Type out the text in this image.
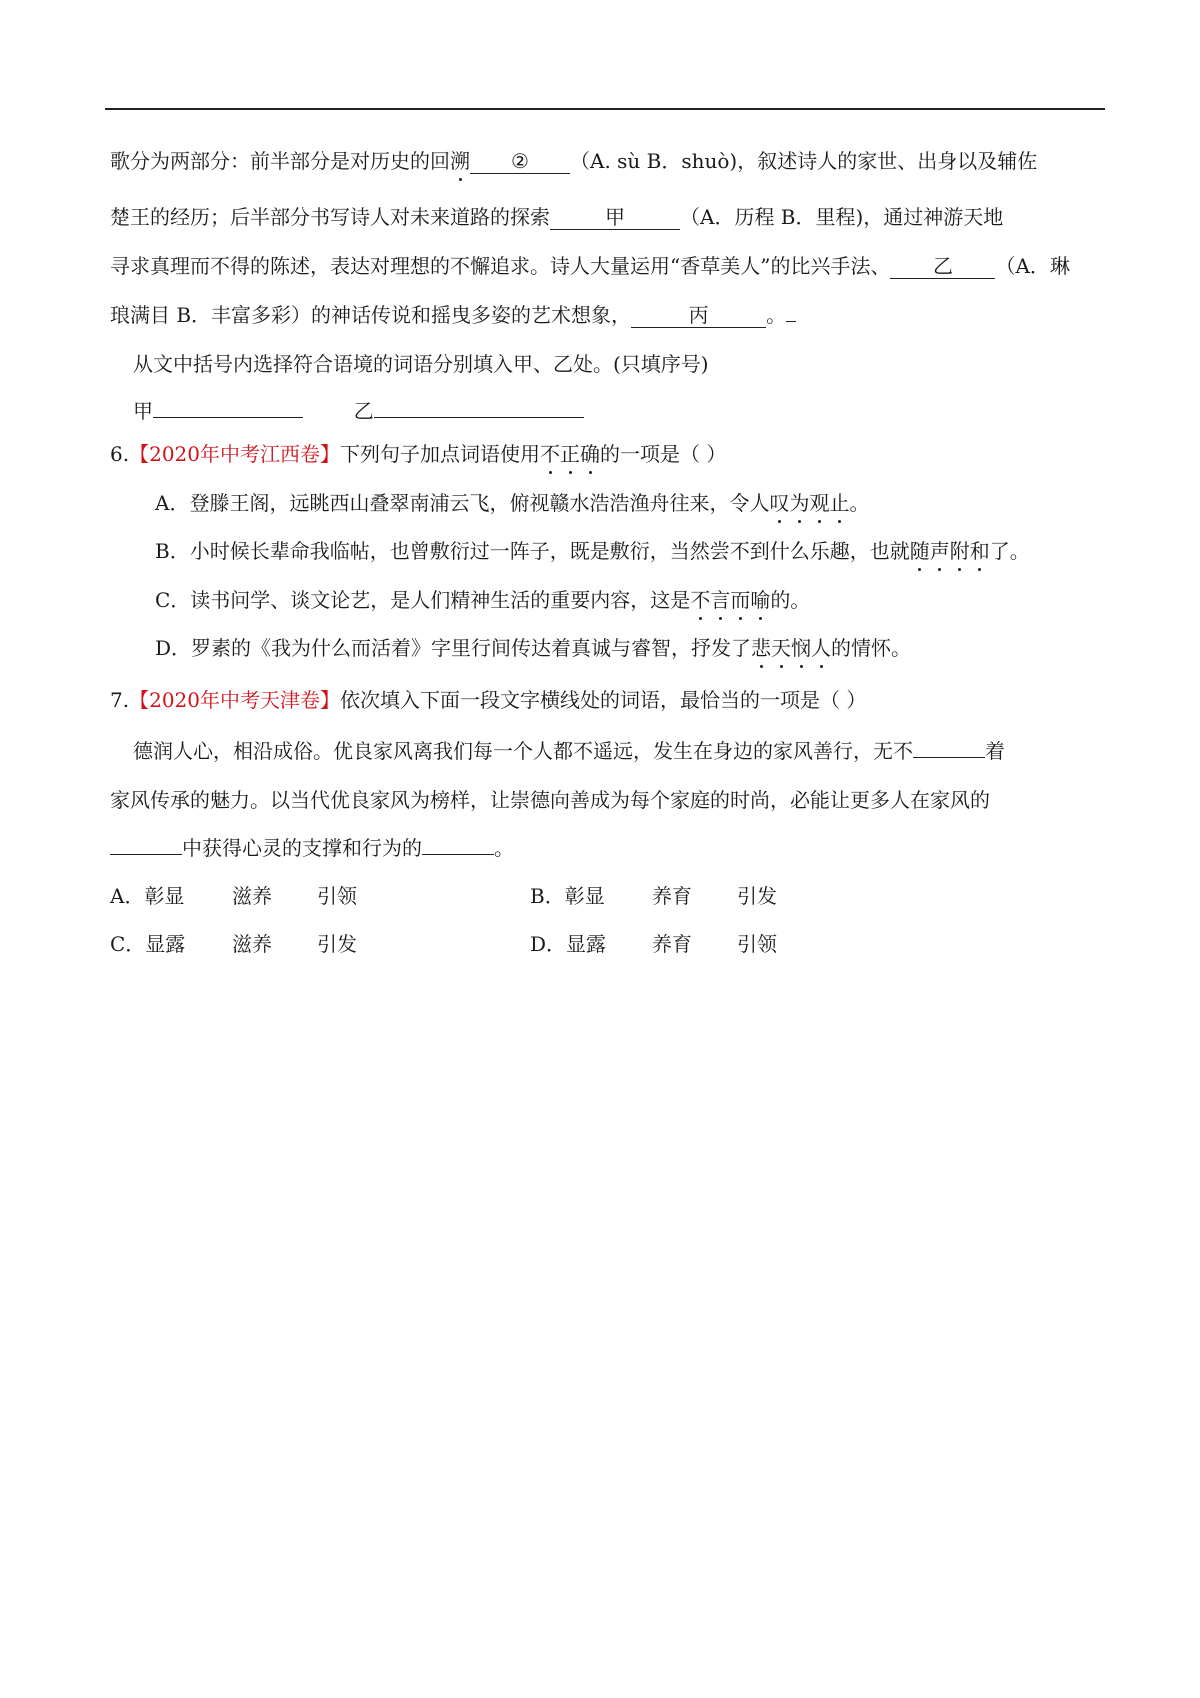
歌分为两部分：前半部分是对历史的回溯 ② （A. sù B．shuò)，叙述诗人的家世、出身以及辅佐
楚王的经历；后半部分书写诗人对未来道路的探索	甲	（A．历程 B．里程)，通过神游天地
寻求真理而不得的陈述，表达对理想的不懈追求。诗人大量运用“香草美人”的比兴手法、 乙 （A．琳
琅满目 B．丰富多彩）的神话传说和摇曳多姿的艺术想象，	丙	。
从文中括号内选择符合语境的词语分别填入甲、乙处。(只填序号)
甲	乙
6.【2020年中考江西卷】下列句子加点词语使用不正确的一项是（ ）
A．登滕王阁，远眺西山叠翠南浦云飞，俯视赣水浩浩渔舟往来，令人叹为观止。
B．小时候长辈命我临帖，也曾敷衍过一阵子，既是敷衍，当然尝不到什么乐趣，也就随声附和了。
C．读书问学、谈文论艺，是人们精神生活的重要内容，这是不言而喻的。
D．罗素的《我为什么而活着》字里行间传达着真诚与睿智，抒发了悲天悯人的情怀。
7.【2020年中考天津卷】依次填入下面一段文字横线处的词语，最恰当的一项是（ ）
德润人心，相沿成俗。优良家风离我们每一个人都不遥远，发生在身边的家风善行，无不	着
家风传承的魅力。以当代优良家风为榜样，让崇德向善成为每个家庭的时尚，必能让更多人在家风的
中获得心灵的支撑和行为的	。
A．彰显 滋养 引领	B．彰显 养育 引发
C．显露 滋养 引发	D．显露 养育 引领
